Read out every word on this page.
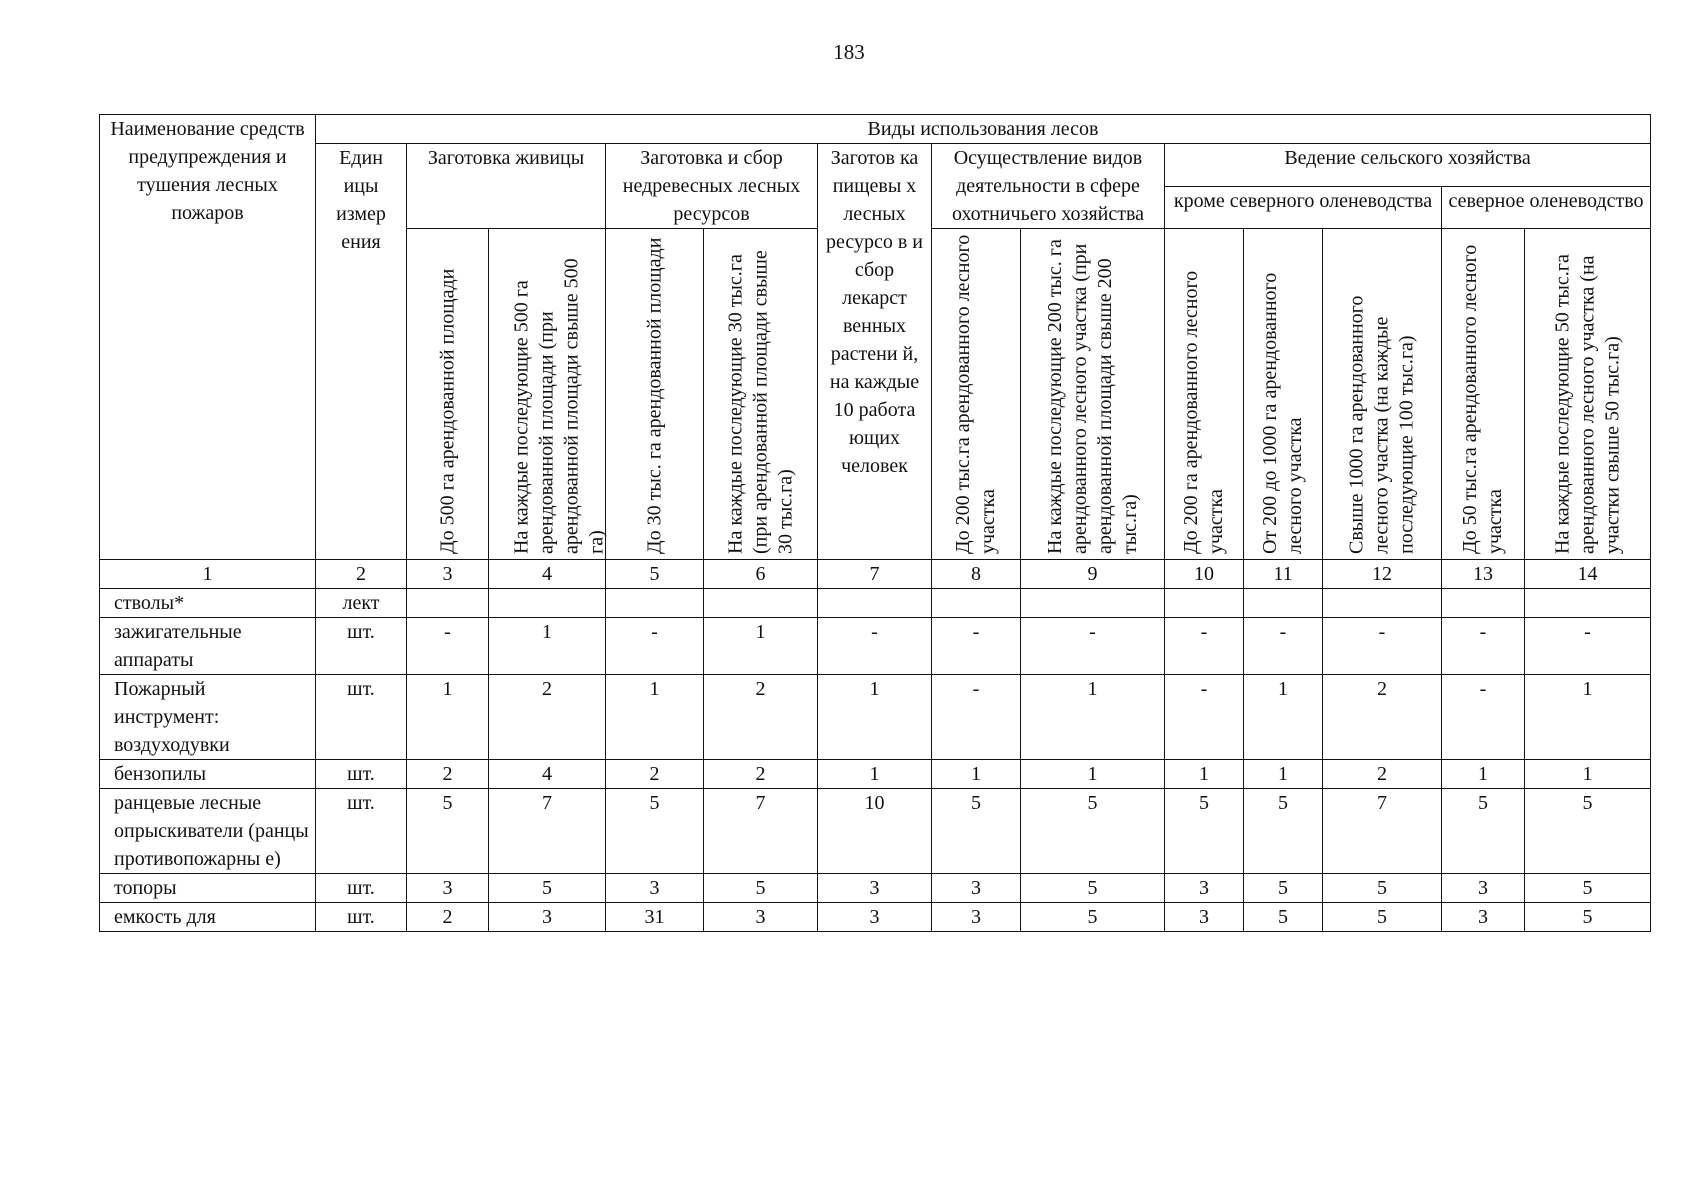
183
Наименование средств предупреждения и тушения лесных пожаров	Виды использования лесов												
	Един ицы измер ения	Заготовка живицы		Заготовка и сбор недревесных лесных ресурсов		Заготов ка пищевы х лесных ресурсо в и сбор лекарст венных растени й, на каждые 10 работа ющих человек	Осуществление видов деятельности в сфере охотничьего хозяйства		Ведение сельского хозяйства				
									кроме северного оленеводства			северное оленеводство	

		До 500 га арендованной площади	На каждые последующие 500 га арендованной площади (при арендованной площади свыше 500 га)	До 30 тыс. га арендованной площади	На каждые последующие 30 тыс.га (при арендованной площади свыше 30 тыс.га)		До 200 тыс.га арендованного лесного участка	На каждые последующие 200 тыс. га арендованного лесного участка (при арендованной площади свыше 200 тыс.га)	До 200 га арендованного лесного участка	От 200 до 1000 га арендованного лесного участка	Свыше 1000 га арендованного лесного участка (на каждые последующие 100 тыс.га)	До 50 тыс.га арендованного лесного участка	На каждые последующие 50 тыс.га арендованного лесного участка (на участки свыше 50 тыс.га)

1	2	3	4	5	6	7	8	9	10	11	12	13	14
стволы*	лект												
зажигательные аппараты	шт.	-	1	-	1	-	-	-	-	-	-	-	-
Пожарный инструмент: воздуходувки	шт.	1	2	1	2	1	-	1	-	1	2	-	1
бензопилы	шт.	2	4	2	2	1	1	1	1	1	2	1	1
ранцевые лесные опрыскиватели (ранцы противопожарны е)	шт.	5	7	5	7	10	5	5	5	5	7	5	5
топоры	шт.	3	5	3	5	3	3	5	3	5	5	3	5
емкость для	шт.	2	3	31	3	3	3	5	3	5	5	3	5
